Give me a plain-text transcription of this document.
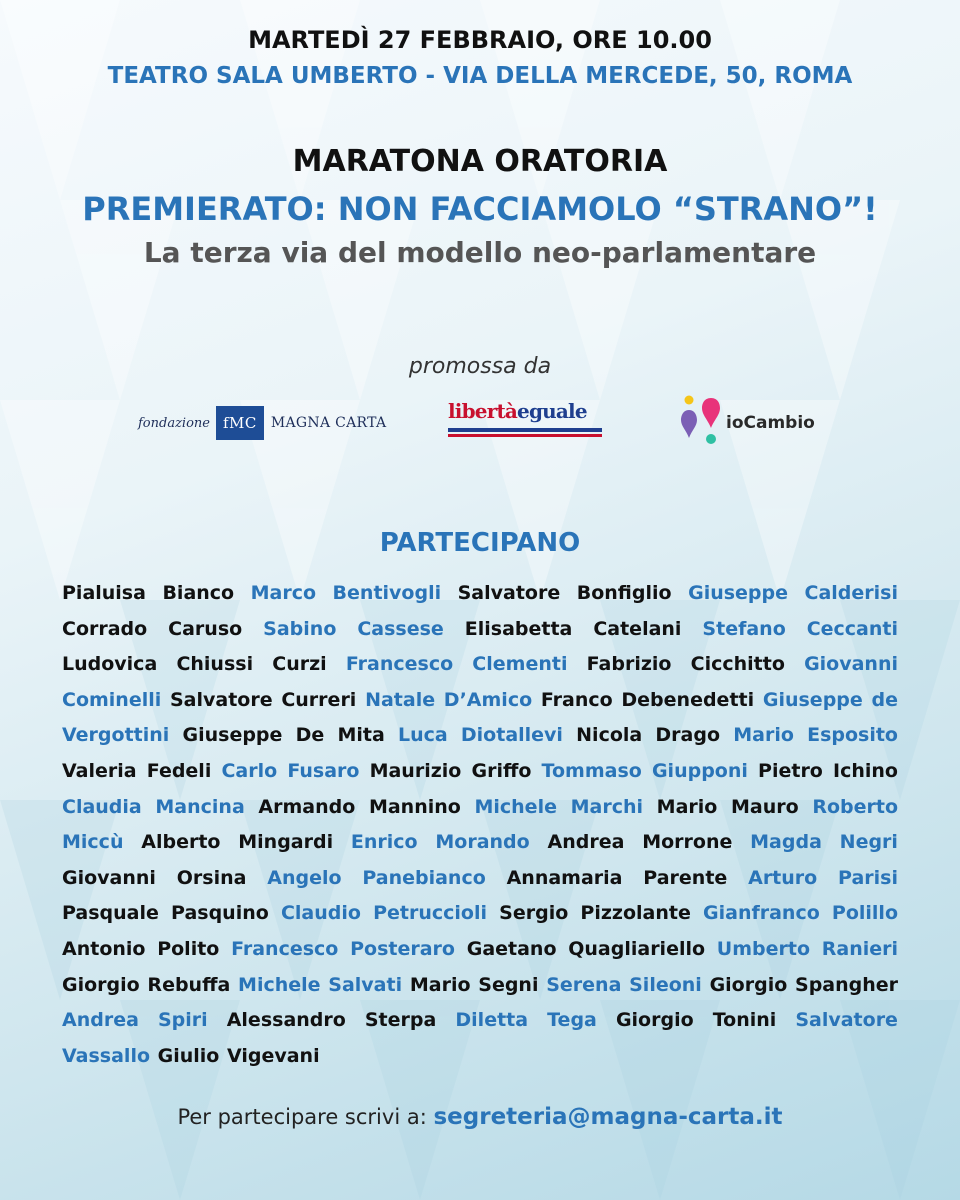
MARTEDÌ 27 FEBBRAIO, ORE 10.00
TEATRO SALA UMBERTO - VIA DELLA MERCEDE, 50, ROMA
MARATONA ORATORIA
PREMIERATO: NON FACCIAMOLO “STRANO”!
La terza via del modello neo-parlamentare
promossa da
fondazione fMC	MAGNA CARTA	libertàeguale	ioCambio
PARTECIPANO
Pialuisa Bianco Marco Bentivogli Salvatore Bonfiglio Giuseppe Calderisi Corrado Caruso Sabino Cassese Elisabetta Catelani Stefano Ceccanti Ludovica Chiussi Curzi Francesco Clementi Fabrizio Cicchitto Giovanni Cominelli Salvatore Curreri Natale D’Amico Franco Debenedetti Giuseppe de Vergottini Giuseppe De Mita Luca Diotallevi Nicola Drago Mario Esposito Valeria Fedeli Carlo Fusaro Maurizio Griffo Tommaso Giupponi Pietro Ichino Claudia Mancina Armando Mannino Michele Marchi Mario Mauro Roberto Miccù Alberto Mingardi Enrico Morando Andrea Morrone Magda Negri Giovanni Orsina Angelo Panebianco Annamaria Parente Arturo Parisi Pasquale Pasquino Claudio Petruccioli Sergio Pizzolante Gianfranco Polillo Antonio Polito Francesco Posteraro Gaetano Quagliariello Umberto Ranieri Giorgio Rebuffa Michele Salvati Mario Segni Serena Sileoni Giorgio Spangher Andrea Spiri Alessandro Sterpa Diletta Tega Giorgio Tonini Salvatore Vassallo Giulio Vigevani
Per partecipare scrivi a: segreteria@magna-carta.it
